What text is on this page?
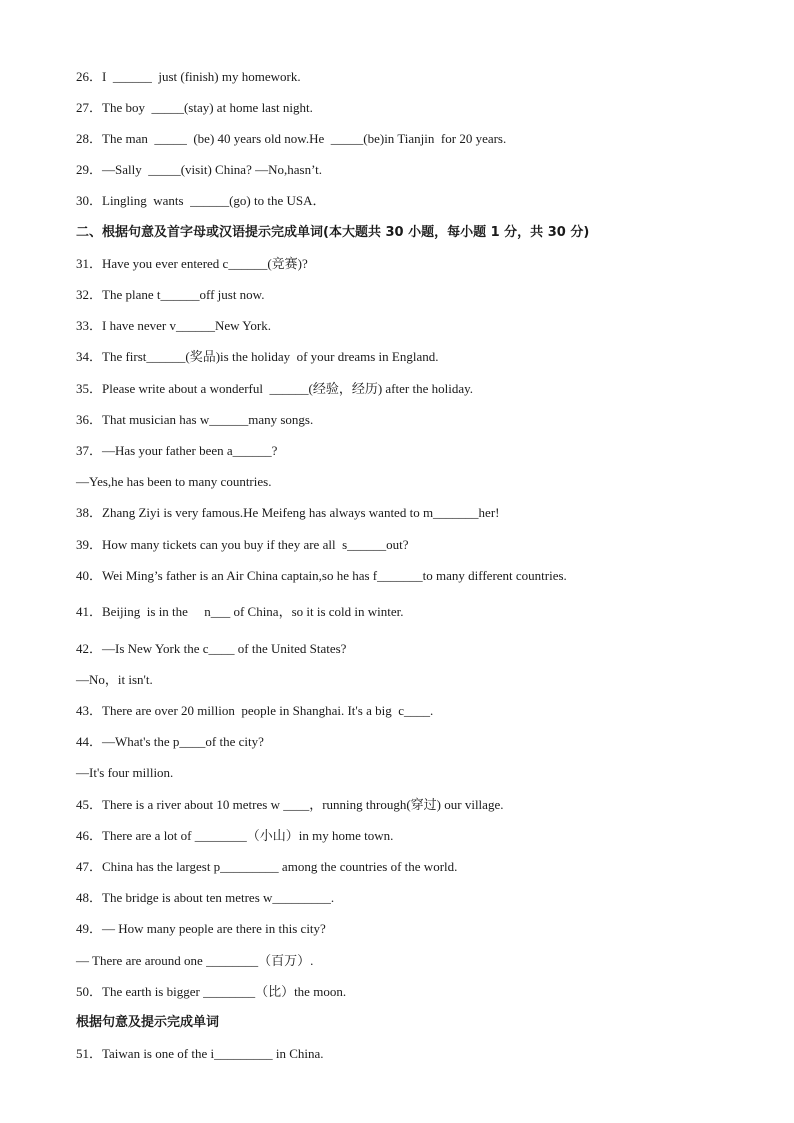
26．I  ______  just (finish) my homework.
27．The boy  _____(stay) at home last night.
28．The man  _____  (be) 40 years old now.He  _____(be)in Tianjin  for 20 years.
29．—Sally  _____(visit) China? —No,hasn’t.
30．Lingling  wants  ______(go) to the USA．
二、根据句意及首字母或汉语提示完成单词(本大题共 30 小题，每小题 1 分，共 30 分)
31．Have you ever entered c______(竞赛)?
32．The plane t______off just now.
33．I have never v______New York.
34．The first______(奖品)is the holiday  of your dreams in England.
35．Please write about a wonderful  ______(经验，经历) after the holiday.
36．That musician has w______many songs.
37．—Has your father been a______?
—Yes,he has been to many countries.
38．Zhang Ziyi is very famous.He Meifeng has always wanted to m_______her!
39．How many tickets can you buy if they are all  s______out?
40．Wei Ming’s father is an Air China captain,so he has f_______to many different countries.
41．Beijing  is in the     n___ of China，so it is cold in winter.
42．—Is New York the c____ of the United States?
—No，it isn't.
43．There are over 20 million  people in Shanghai. It's a big  c____.
44．—What's the p____of the city?
—It's four million.
45．There is a river about 10 metres w ____，running through(穿过) our village.
46．There are a lot of ________（小山）in my home town.
47．China has the largest p_________ among the countries of the world.
48．The bridge is about ten metres w_________.
49．— How many people are there in this city?
— There are around one ________（百万）.
50．The earth is bigger ________（比）the moon.
根据句意及提示完成单词
51．Taiwan is one of the i_________ in China.
